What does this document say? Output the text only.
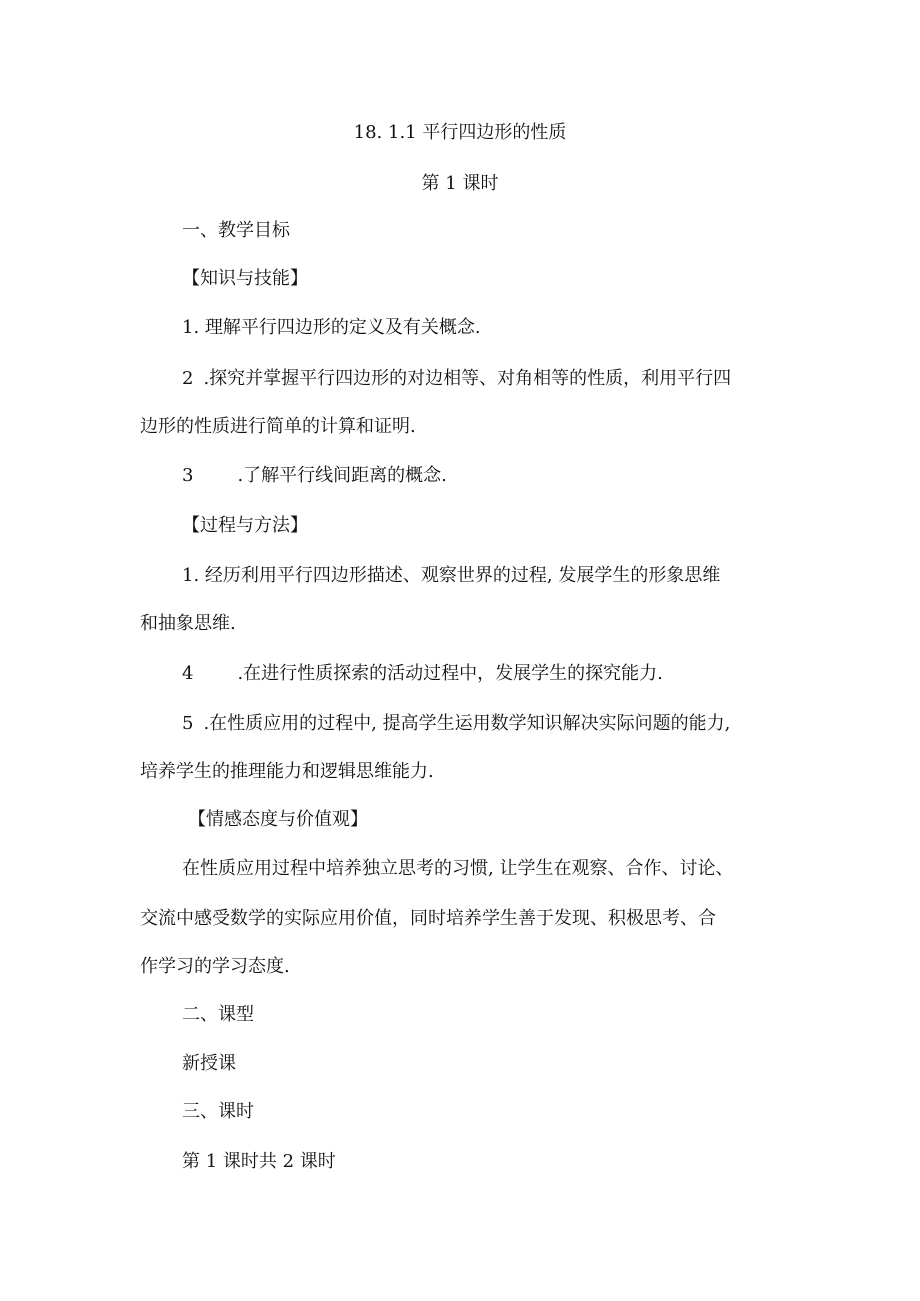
18. 1.1 平行四边形的性质
第 1 课时
一、教学目标
【知识与技能】
1. 理解平行四边形的定义及有关概念.
2 .探究并掌握平行四边形的对边相等、对角相等的性质，利用平行四
边形的性质进行简单的计算和证明.
3 .了解平行线间距离的概念.
【过程与方法】
1. 经历利用平行四边形描述、观察世界的过程, 发展学生的形象思维
和抽象思维.
4 .在进行性质探索的活动过程中，发展学生的探究能力.
5 .在性质应用的过程中, 提高学生运用数学知识解决实际问题的能力,
培养学生的推理能力和逻辑思维能力.
【情感态度与价值观】
在性质应用过程中培养独立思考的习惯, 让学生在观察、合作、讨论、
交流中感受数学的实际应用价值，同时培养学生善于发现、积极思考、合
作学习的学习态度.
二、课型
新授课
三、课时
第 1 课时共 2 课时
